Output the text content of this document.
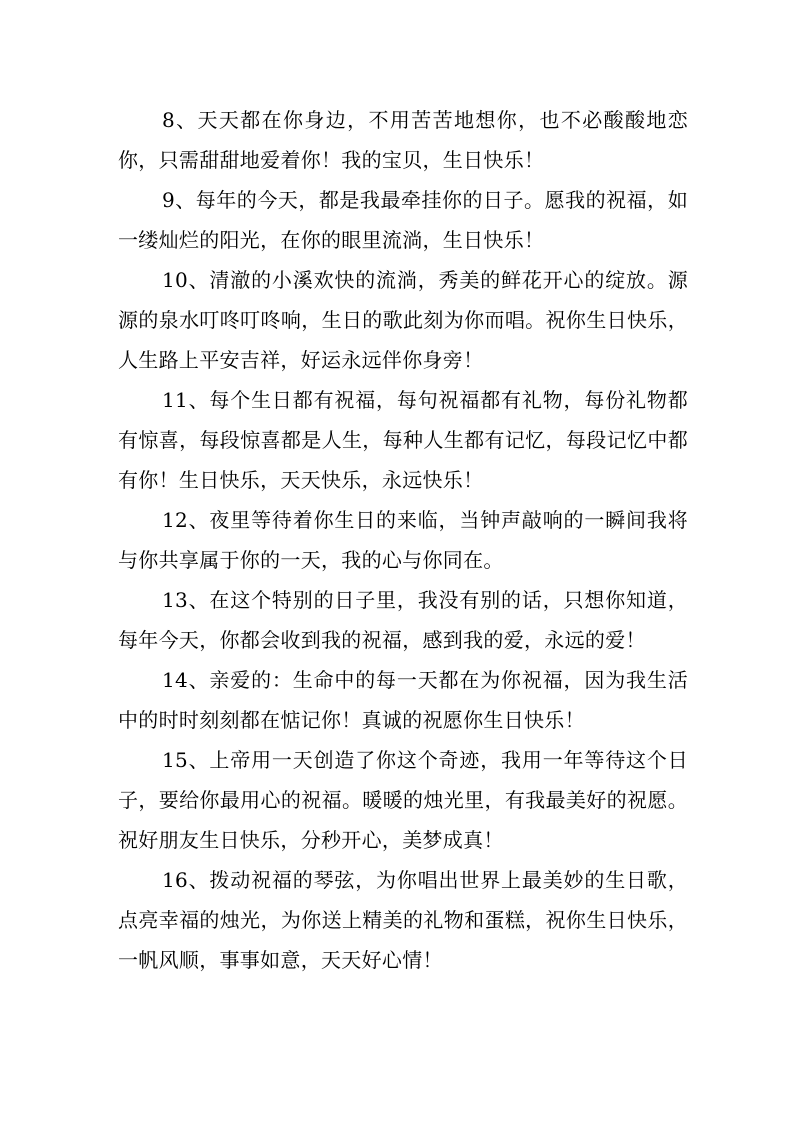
8、天天都在你身边，不用苦苦地想你，也不必酸酸地恋你，只需甜甜地爱着你！我的宝贝，生日快乐！

9、每年的今天，都是我最牵挂你的日子。愿我的祝福，如一缕灿烂的阳光，在你的眼里流淌，生日快乐！

10、清澈的小溪欢快的流淌，秀美的鲜花开心的绽放。源源的泉水叮咚叮咚响，生日的歌此刻为你而唱。祝你生日快乐，人生路上平安吉祥，好运永远伴你身旁！

11、每个生日都有祝福，每句祝福都有礼物，每份礼物都有惊喜，每段惊喜都是人生，每种人生都有记忆，每段记忆中都有你！生日快乐，天天快乐，永远快乐！

12、夜里等待着你生日的来临，当钟声敲响的一瞬间我将与你共享属于你的一天，我的心与你同在。

13、在这个特别的日子里，我没有别的话，只想你知道，每年今天，你都会收到我的祝福，感到我的爱，永远的爱！

14、亲爱的：生命中的每一天都在为你祝福，因为我生活中的时时刻刻都在惦记你！真诚的祝愿你生日快乐！

15、上帝用一天创造了你这个奇迹，我用一年等待这个日子，要给你最用心的祝福。暖暖的烛光里，有我最美好的祝愿。祝好朋友生日快乐，分秒开心，美梦成真！

16、拨动祝福的琴弦，为你唱出世界上最美妙的生日歌，点亮幸福的烛光，为你送上精美的礼物和蛋糕，祝你生日快乐，一帆风顺，事事如意，天天好心情！
